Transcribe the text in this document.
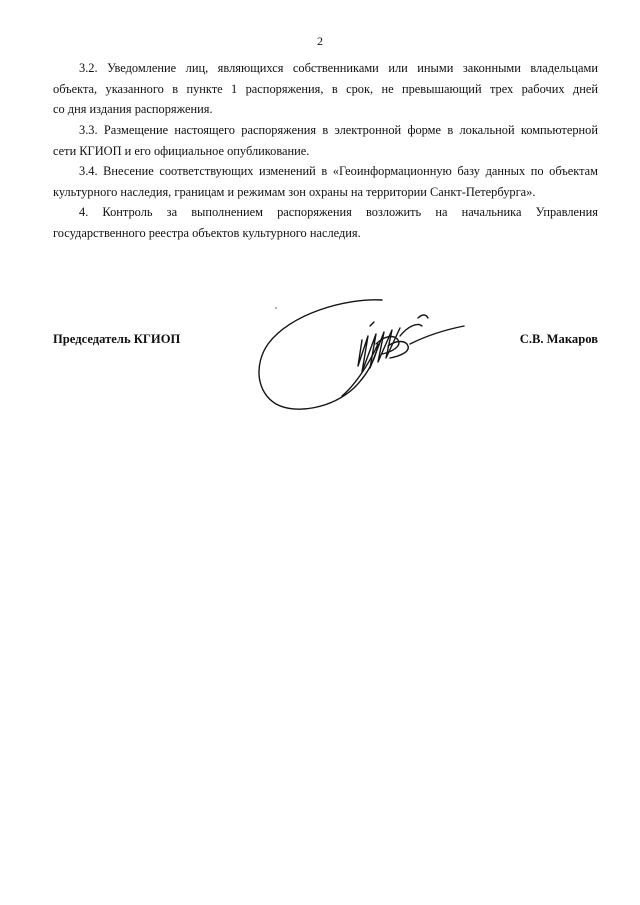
2

3.2. Уведомление лиц, являющихся собственниками или иными законными владельцами
объекта, указанного в пункте 1 распоряжения, в срок, не превышающий трех рабочих дней
со дня издания распоряжения.

3.3. Размещение настоящего распоряжения в электронной форме в локальной компьютерной
сети КГИОП и его официальное опубликование.

3.4. Внесение соответствующих изменений в «Геоинформационную базу данных по объектам
культурного наследия, границам и режимам зон охраны на территории Санкт-Петербурга».

4. Контроль за выполнением распоряжения возложить на начальника Управления
государственного реестра объектов культурного наследия.

Председатель КГИОП	С.В. Макаров
